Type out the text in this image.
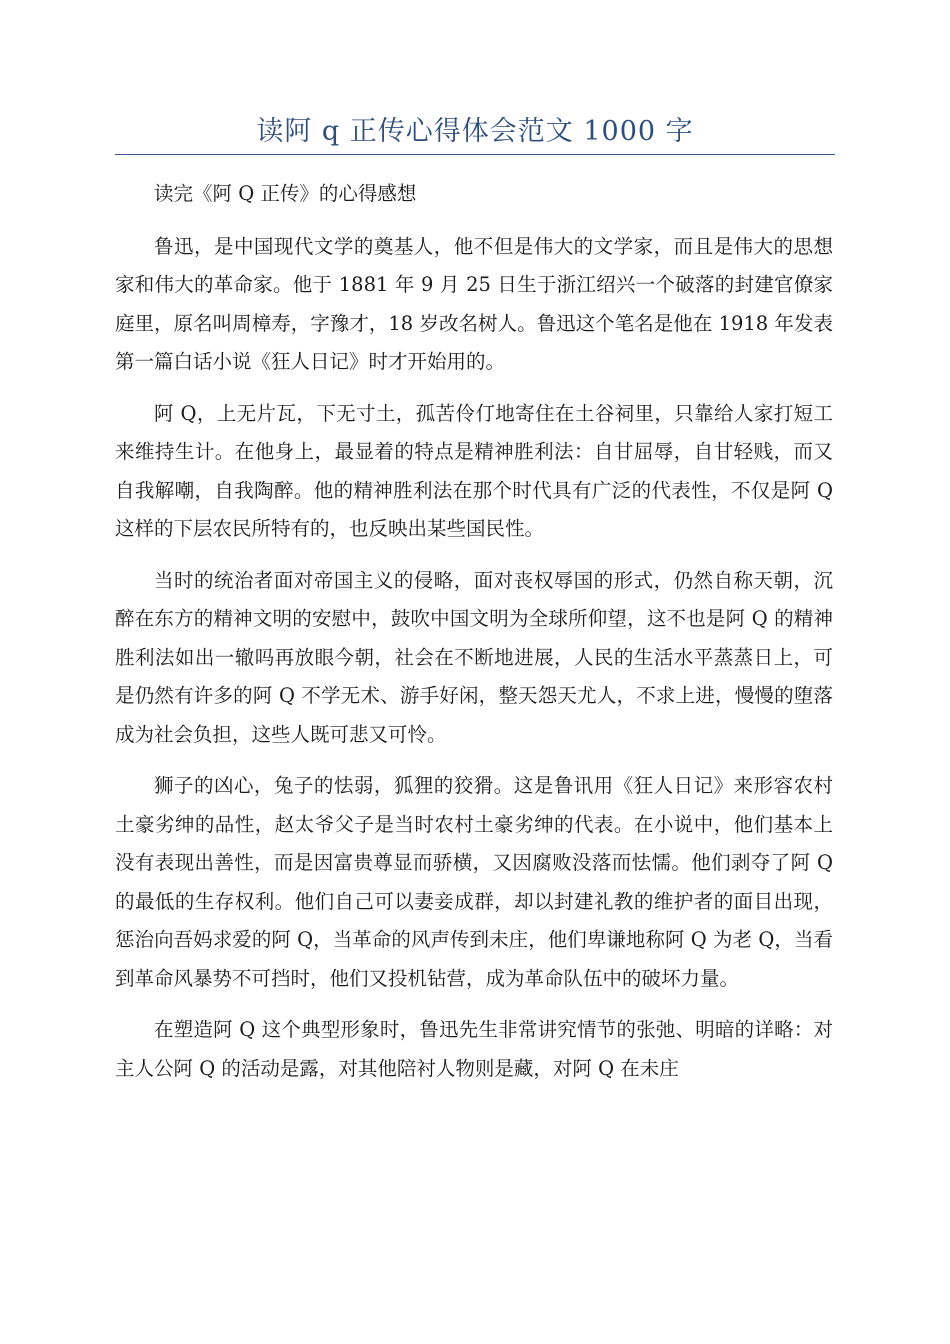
读阿 q 正传心得体会范文 1000 字

读完《阿 Q 正传》的心得感想

鲁迅，是中国现代文学的奠基人，他不但是伟大的文学家，而且是伟大的思想家和伟大的革命家。他于 1881 年 9 月 25 日生于浙江绍兴一个破落的封建官僚家庭里，原名叫周樟寿，字豫才，18 岁改名树人。鲁迅这个笔名是他在 1918 年发表第一篇白话小说《狂人日记》时才开始用的。

阿 Q，上无片瓦，下无寸土，孤苦伶仃地寄住在土谷祠里，只靠给人家打短工来维持生计。在他身上，最显着的特点是精神胜利法：自甘屈辱，自甘轻贱，而又自我解嘲，自我陶醉。他的精神胜利法在那个时代具有广泛的代表性，不仅是阿 Q 这样的下层农民所特有的，也反映出某些国民性。

当时的统治者面对帝国主义的侵略，面对丧权辱国的形式，仍然自称天朝，沉醉在东方的精神文明的安慰中，鼓吹中国文明为全球所仰望，这不也是阿 Q 的精神胜利法如出一辙吗再放眼今朝，社会在不断地进展，人民的生活水平蒸蒸日上，可是仍然有许多的阿 Q 不学无术、游手好闲，整天怨天尤人，不求上进，慢慢的堕落成为社会负担，这些人既可悲又可怜。

狮子的凶心，兔子的怯弱，狐狸的狡猾。这是鲁讯用《狂人日记》来形容农村土豪劣绅的品性，赵太爷父子是当时农村土豪劣绅的代表。在小说中，他们基本上没有表现出善性，而是因富贵尊显而骄横，又因腐败没落而怯懦。他们剥夺了阿 Q 的最低的生存权利。他们自己可以妻妾成群，却以封建礼教的维护者的面目出现，惩治向吾妈求爱的阿 Q，当革命的风声传到未庄，他们卑谦地称阿 Q 为老 Q，当看到革命风暴势不可挡时，他们又投机钻营，成为革命队伍中的破坏力量。

在塑造阿 Q 这个典型形象时，鲁迅先生非常讲究情节的张弛、明暗的详略：对主人公阿 Q 的活动是露，对其他陪衬人物则是藏，对阿 Q 在未庄
